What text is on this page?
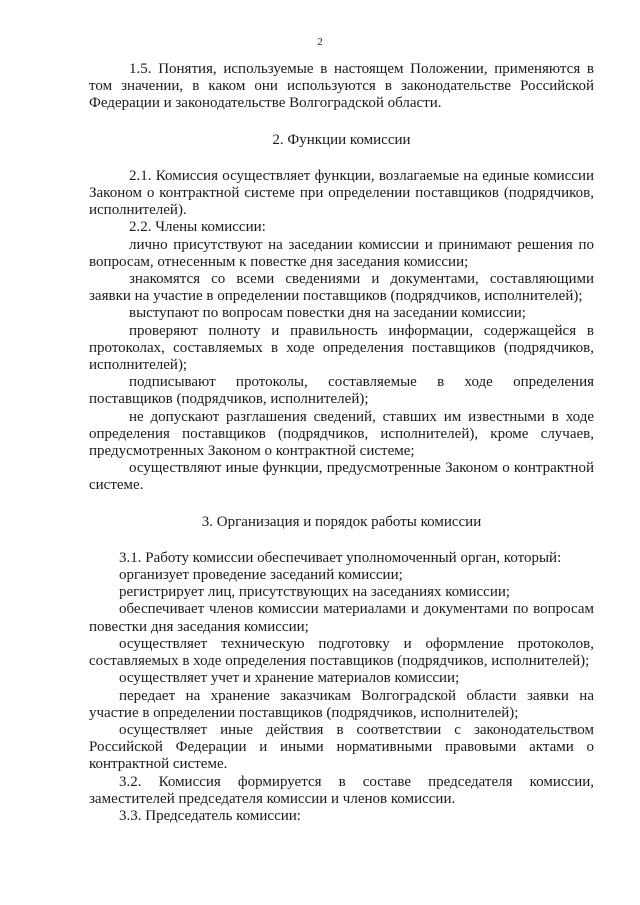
2

1.5. Понятия, используемые в настоящем Положении, применяются в том значении, в каком они используются в законодательстве Российской Федерации и законодательстве Волгоградской области.

2. Функции комиссии

2.1. Комиссия осуществляет функции, возлагаемые на единые комиссии Законом о контрактной системе при определении поставщиков (подрядчиков, исполнителей).

2.2. Члены комиссии:

лично присутствуют на заседании комиссии и принимают решения по вопросам, отнесенным к повестке дня заседания комиссии;

знакомятся со всеми сведениями и документами, составляющими заявки на участие в определении поставщиков (подрядчиков, исполнителей);

выступают по вопросам повестки дня на заседании комиссии;

проверяют полноту и правильность информации, содержащейся в протоколах, составляемых в ходе определения поставщиков (подрядчиков, исполнителей);

подписывают протоколы, составляемые в ходе определения поставщиков (подрядчиков, исполнителей);

не допускают разглашения сведений, ставших им известными в ходе определения поставщиков (подрядчиков, исполнителей), кроме случаев, предусмотренных Законом о контрактной системе;

осуществляют иные функции, предусмотренные Законом о контрактной системе.

3. Организация и порядок работы комиссии

3.1. Работу комиссии обеспечивает уполномоченный орган, который:

организует проведение заседаний комиссии;

регистрирует лиц, присутствующих на заседаниях комиссии;

обеспечивает членов комиссии материалами и документами по вопросам повестки дня заседания комиссии;

осуществляет техническую подготовку и оформление протоколов, составляемых в ходе определения поставщиков (подрядчиков, исполнителей);

осуществляет учет и хранение материалов комиссии;

передает на хранение заказчикам Волгоградской области заявки на участие в определении поставщиков (подрядчиков, исполнителей);

осуществляет иные действия в соответствии с законодательством Российской Федерации и иными нормативными правовыми актами о контрактной системе.

3.2. Комиссия формируется в составе председателя комиссии, заместителей председателя комиссии и членов комиссии.

3.3. Председатель комиссии:
